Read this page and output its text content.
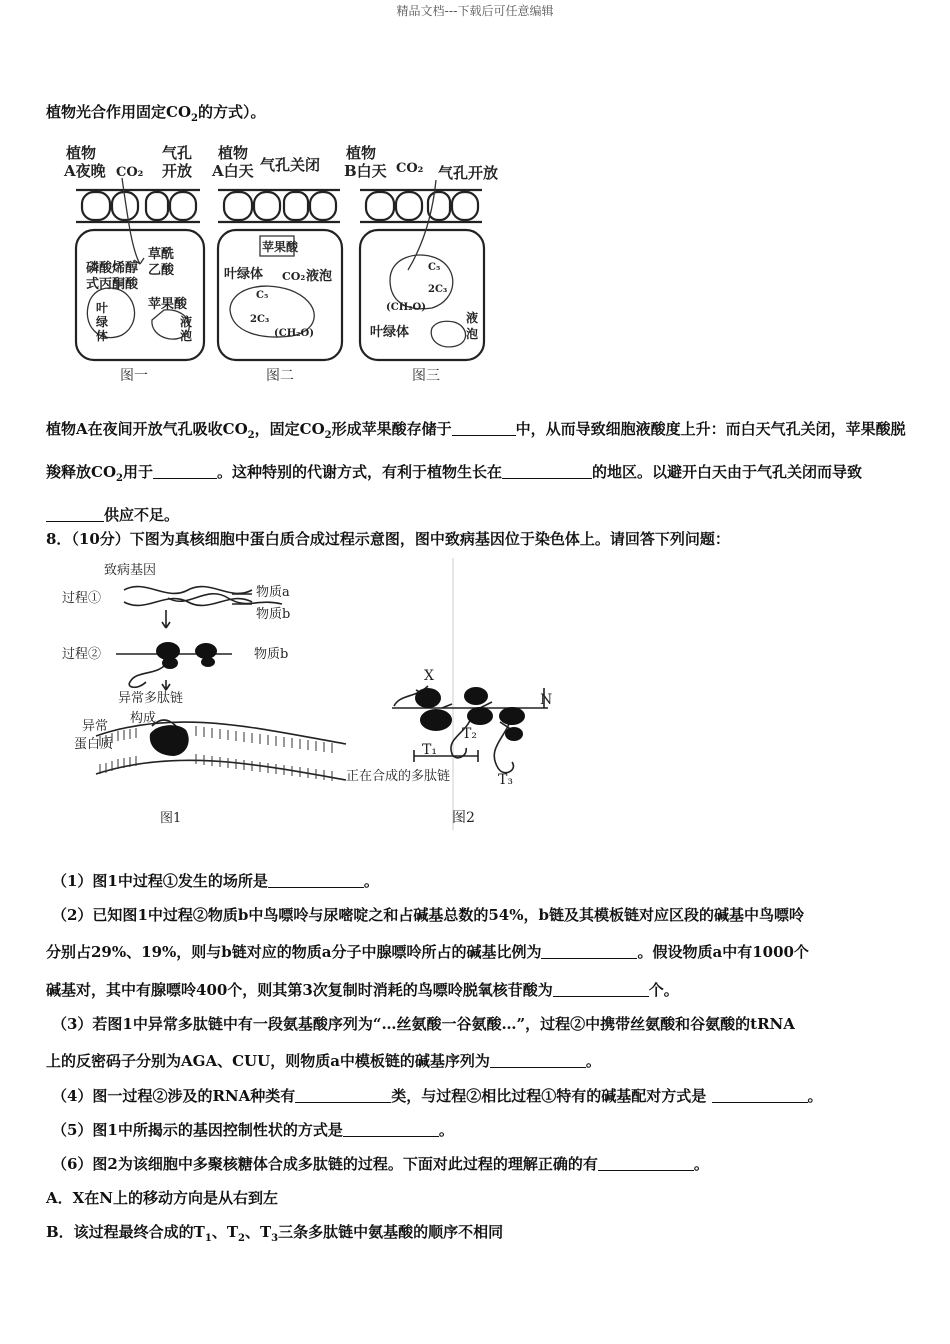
精品文档---下载后可任意编辑
植物光合作用固定$CO_2$的方式）。
植物
A夜晚 CO₂
气孔
开放
磷酸烯醇
式丙酮酸
草酰
乙酸
苹果酸
叶
绿
体
液
泡
植物
A白天 气孔关闭
苹果酸
叶绿体 CO₂ 液泡
C₅
2C₃
(CH₂O)
植物
B白天 CO₂ 气孔开放
C₅
2C₃
(CH₂O)
叶绿体
液
泡
图一	图二	图三
植物A在夜间开放气孔吸收$CO_2$，固定$CO_2$形成苹果酸存储于	中，从而导致细胞液酸度上升：而白天气孔关闭，苹果酸脱羧释放$CO_2$用于	。这种特别的代谢方式，有利于植物生长在	的地区。以避开白天由于气孔关闭而导致供应不足。
8．（10分）下图为真核细胞中蛋白质合成过程示意图，图中致病基因位于染色体上。请回答下列问题：
致病基因
过程①	物质a
物质b
过程②	物质b
异常多肽链
构成
异常
蛋白质
图1
X
N
T₁
T₂
T₃
正在合成的多肽链
图2
（1）图1中过程①发生的场所是	。
（2）已知图1中过程②物质b中鸟嘌呤与尿嘧啶之和占碱基总数的54%，b链及其模板链对应区段的碱基中鸟嘌呤
分别占29%、19%，则与b链对应的物质a分子中腺嘌呤所占的碱基比例为	。假设物质a中有1000个
碱基对，其中有腺嘌呤400个，则其第3次复制时消耗的鸟嘌呤脱氧核苷酸为	个。
（3）若图1中异常多肽链中有一段氨基酸序列为“…丝氨酸一谷氨酸…”，过程②中携带丝氨酸和谷氨酸的tRNA
上的反密码子分别为AGA、CUU，则物质a中模板链的碱基序列为	。
（4）图一过程②涉及的RNA种类有	类，与过程②相比过程①特有的碱基配对方式是	。
（5）图1中所揭示的基因控制性状的方式是	。
（6）图2为该细胞中多聚核糖体合成多肽链的过程。下面对此过程的理解正确的有	。
A．X在N上的移动方向是从右到左
B．该过程最终合成的$T_1$、$T_2$、$T_3$三条多肽链中氨基酸的顺序不相同
